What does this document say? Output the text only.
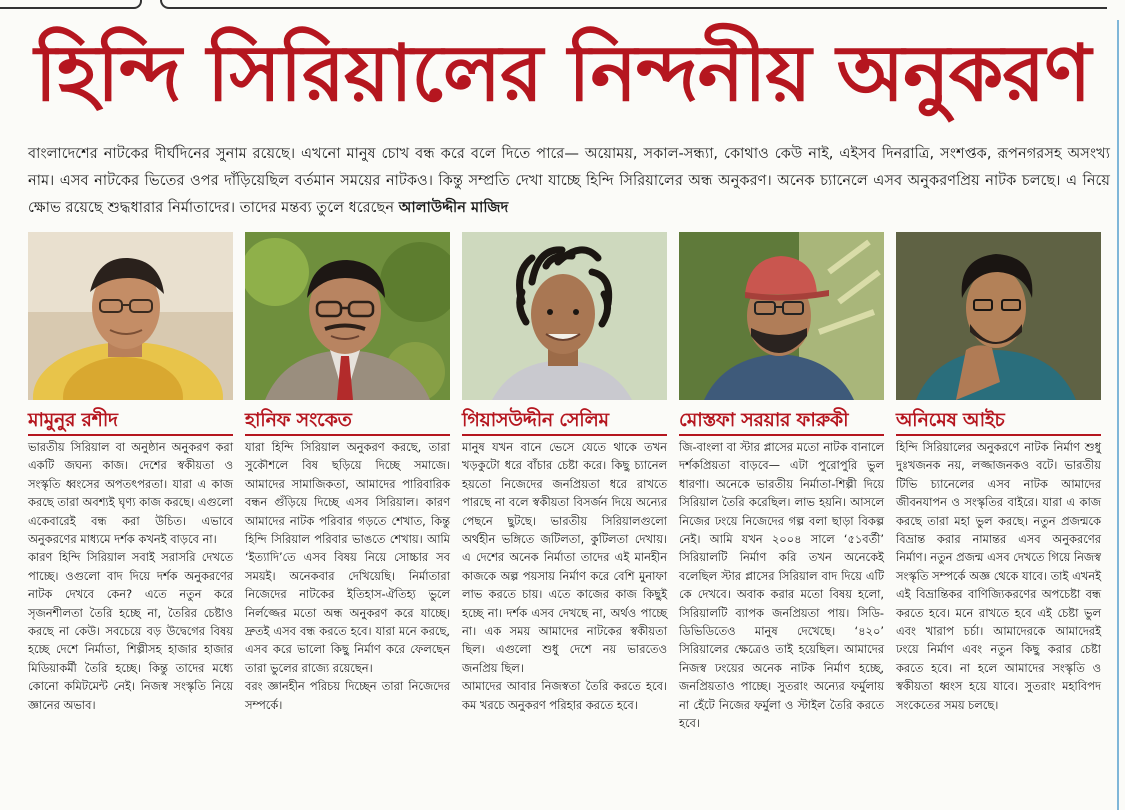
হিন্দি সিরিয়ালের নিন্দনীয় অনুকরণ

বাংলাদেশের নাটকের দীর্ঘদিনের সুনাম রয়েছে। এখনো মানুষ চোখ বন্ধ করে বলে দিতে পারে— অয়োময়, সকাল-সন্ধ্যা, কোথাও কেউ নাই, এইসব দিনরাত্রি, সংশপ্তক, রূপনগরসহ অসংখ্য নাম। এসব নাটকের ভিতের ওপর দাঁড়িয়েছিল বর্তমান সময়ের নাটকও। কিন্তু সম্প্রতি দেখা যাচ্ছে হিন্দি সিরিয়ালের অন্ধ অনুকরণ। অনেক চ্যানেলে এসব অনুকরণপ্রিয় নাটক চলছে। এ নিয়ে ক্ষোভ রয়েছে শুদ্ধধারার নির্মাতাদের। তাদের মন্তব্য তুলে ধরেছেন আলাউদ্দীন মাজিদ

মামুনুর রশীদ

ভারতীয় সিরিয়াল বা অনুষ্ঠান অনুকরণ করা একটি জঘন্য কাজ। দেশের স্বকীয়তা ও সংস্কৃতি ধ্বংসের অপতৎপরতা। যারা এ কাজ করছে তারা অবশ্যই ঘৃণ্য কাজ করছে। এগুলো একেবারেই বন্ধ করা উচিত। এভাবে অনুকরণের মাধ্যমে দর্শক কখনই বাড়বে না।

কারণ হিন্দি সিরিয়াল সবাই সরাসরি দেখতে পাচ্ছে। ওগুলো বাদ দিয়ে দর্শক অনুকরণের নাটক দেখবে কেন? এতে নতুন করে সৃজনশীলতা তৈরি হচ্ছে না, তৈরির চেষ্টাও করছে না কেউ। সবচেয়ে বড় উদ্বেগের বিষয় হচ্ছে দেশে নির্মাতা, শিল্পীসহ হাজার হাজার মিডিয়াকর্মী তৈরি হচ্ছে। কিন্তু তাদের মধ্যে কোনো কমিটমেন্ট নেই। নিজস্ব সংস্কৃতি নিয়ে জ্ঞানের অভাব।

হানিফ সংকেত

যারা হিন্দি সিরিয়াল অনুকরণ করছে, তারা সুকৌশলে বিষ ছড়িয়ে দিচ্ছে সমাজে। আমাদের সামাজিকতা, আমাদের পারিবারিক বন্ধন গুঁড়িয়ে দিচ্ছে এসব সিরিয়াল। কারণ আমাদের নাটক পরিবার গড়তে শেখাত, কিন্তু হিন্দি সিরিয়াল পরিবার ভাঙতে শেখায়। আমি ‘ইত্যাদি’তে এসব বিষয় নিয়ে সোচ্চার সব সময়ই। অনেকবার দেখিয়েছি। নির্মাতারা নিজেদের নাটকের ইতিহাস-ঐতিহ্য ভুলে নির্লজ্জের মতো অন্ধ অনুকরণ করে যাচ্ছে। দ্রুতই এসব বন্ধ করতে হবে। যারা মনে করছে, এসব করে ভালো কিছু নির্মাণ করে ফেলছেন তারা ভুলের রাজ্যে রয়েছেন।

বরং জ্ঞানহীন পরিচয় দিচ্ছেন তারা নিজেদের সম্পর্কে।

গিয়াসউদ্দীন সেলিম

মানুষ যখন বানে ভেসে যেতে থাকে তখন খড়কুটো ধরে বাঁচার চেষ্টা করে। কিছু চ্যানেল হয়তো নিজেদের জনপ্রিয়তা ধরে রাখতে পারছে না বলে স্বকীয়তা বিসর্জন দিয়ে অন্যের পেছনে ছুটছে। ভারতীয় সিরিয়ালগুলো অর্থহীন ভঙ্গিতে জটিলতা, কুটিলতা দেখায়। এ দেশের অনেক নির্মাতা তাদের এই মানহীন কাজকে অল্প পয়সায় নির্মাণ করে বেশি মুনাফা লাভ করতে চায়। এতে কাজের কাজ কিছুই হচ্ছে না। দর্শক এসব দেখছে না, অর্থও পাচ্ছে না। এক সময় আমাদের নাটকের স্বকীয়তা ছিল। এগুলো শুধু দেশে নয় ভারতেও জনপ্রিয় ছিল।

আমাদের আবার নিজস্বতা তৈরি করতে হবে। কম খরচে অনুকরণ পরিহার করতে হবে।

মোস্তফা সরয়ার ফারুকী

জি-বাংলা বা স্টার প্লাসের মতো নাটক বানালে দর্শকপ্রিয়তা বাড়বে— এটা পুরোপুরি ভুল ধারণা। অনেকে ভারতীয় নির্মাতা-শিল্পী দিয়ে সিরিয়াল তৈরি করেছিল। লাভ হয়নি। আসলে নিজের ঢংয়ে নিজেদের গল্প বলা ছাড়া বিকল্প নেই। আমি যখন ২০০৪ সালে ‘৫১বর্তী’ সিরিয়ালটি নির্মাণ করি তখন অনেকেই বলেছিল স্টার প্লাসের সিরিয়াল বাদ দিয়ে এটি কে দেখবে। অবাক করার মতো বিষয় হলো, সিরিয়ালটি ব্যাপক জনপ্রিয়তা পায়। সিডি-ডিভিডিতেও মানুষ দেখেছে। ‘৪২০’ সিরিয়ালের ক্ষেত্রেও তাই হয়েছিল। আমাদের নিজস্ব ঢংয়ের অনেক নাটক নির্মাণ হচ্ছে, জনপ্রিয়তাও পাচ্ছে। সুতরাং অন্যের ফর্মুলায় না হেঁটে নিজের ফর্মুলা ও স্টাইল তৈরি করতে হবে।

অনিমেষ আইচ

হিন্দি সিরিয়ালের অনুকরণে নাটক নির্মাণ শুধু দুঃখজনক নয়, লজ্জাজনকও বটে। ভারতীয় টিভি চ্যানেলের এসব নাটক আমাদের জীবনযাপন ও সংস্কৃতির বাইরে। যারা এ কাজ করছে তারা মহা ভুল করছে। নতুন প্রজন্মকে বিভ্রান্ত করার নামান্তর এসব অনুকরণের নির্মাণ। নতুন প্রজন্ম এসব দেখতে গিয়ে নিজস্ব সংস্কৃতি সম্পর্কে অজ্ঞ থেকে যাবে। তাই এখনই এই বিভ্রান্তিকর বাণিজ্যিকরণের অপচেষ্টা বন্ধ করতে হবে। মনে রাখতে হবে এই চেষ্টা ভুল এবং খারাপ চর্চা। আমাদেরকে আমাদেরই ঢংয়ে নির্মাণ এবং নতুন কিছু করার চেষ্টা করতে হবে। না হলে আমাদের সংস্কৃতি ও স্বকীয়তা ধ্বংস হয়ে যাবে। সুতরাং মহাবিপদ সংকেতের সময় চলছে।
